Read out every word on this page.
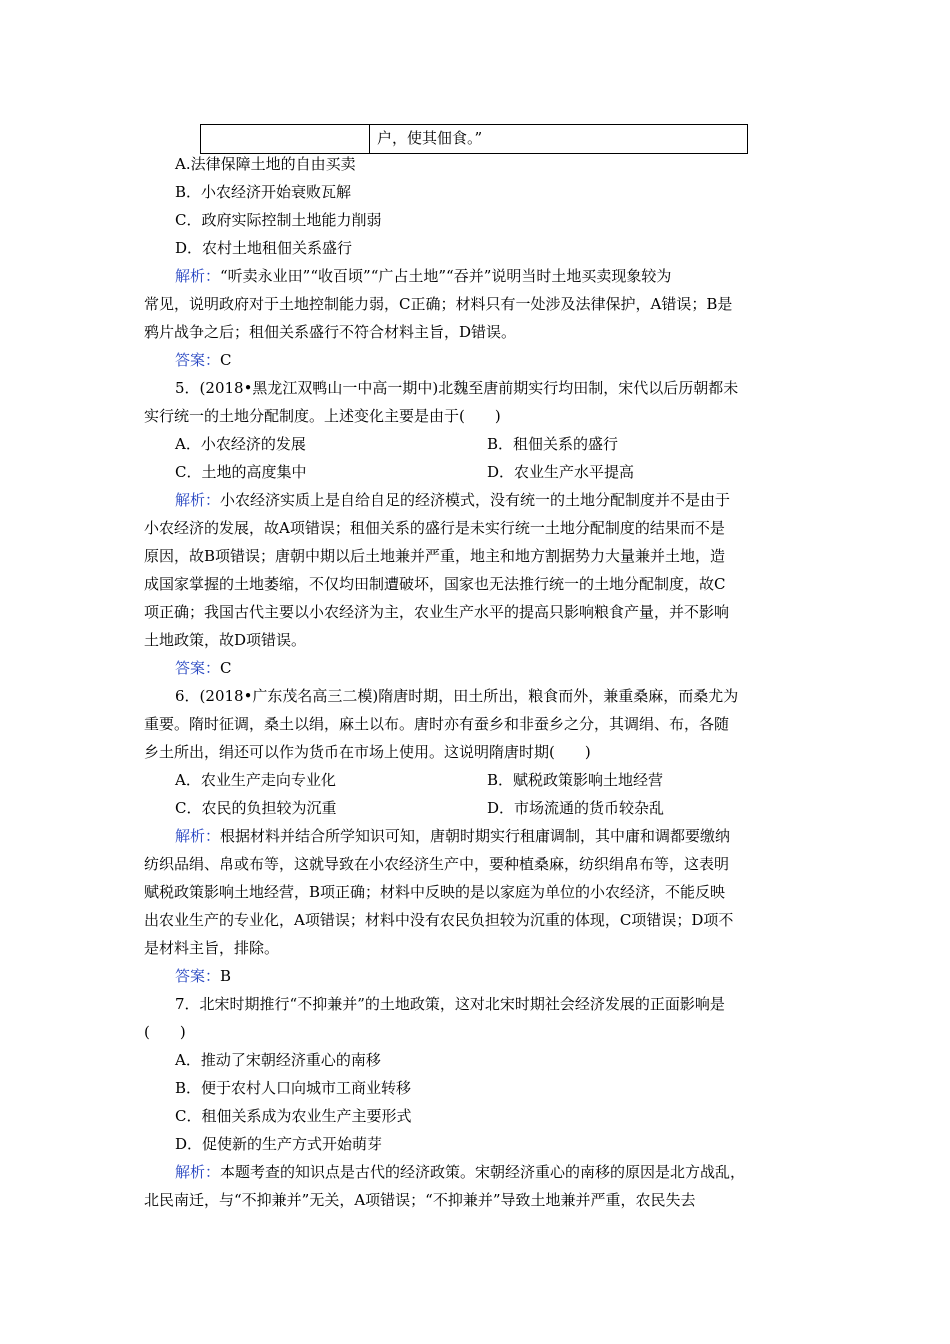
户，使其佃食。”
A.法律保障土地的自由买卖
B．小农经济开始衰败瓦解
C．政府实际控制土地能力削弱
D．农村土地租佃关系盛行
解析：“听卖永业田”“收百顷”“广占土地”“吞并”说明当时土地买卖现象较为
常见，说明政府对于土地控制能力弱，C正确；材料只有一处涉及法律保护，A错误；B是
鸦片战争之后；租佃关系盛行不符合材料主旨，D错误。
答案：C
5．(2018•黑龙江双鸭山一中高一期中)北魏至唐前期实行均田制，宋代以后历朝都未
实行统一的土地分配制度。上述变化主要是由于(　　)
A．小农经济的发展	B．租佃关系的盛行
C．土地的高度集中	D．农业生产水平提高
解析：小农经济实质上是自给自足的经济模式，没有统一的土地分配制度并不是由于
小农经济的发展，故A项错误；租佃关系的盛行是未实行统一土地分配制度的结果而不是
原因，故B项错误；唐朝中期以后土地兼并严重，地主和地方割据势力大量兼并土地，造
成国家掌握的土地萎缩，不仅均田制遭破坏，国家也无法推行统一的土地分配制度，故C
项正确；我国古代主要以小农经济为主，农业生产水平的提高只影响粮食产量，并不影响
土地政策，故D项错误。
答案：C
6．(2018•广东茂名高三二模)隋唐时期，田土所出，粮食而外，兼重桑麻，而桑尤为
重要。隋时征调，桑土以绢，麻土以布。唐时亦有蚕乡和非蚕乡之分，其调绢、布，各随
乡土所出，绢还可以作为货币在市场上使用。这说明隋唐时期(　　)
A．农业生产走向专业化	B．赋税政策影响土地经营
C．农民的负担较为沉重	D．市场流通的货币较杂乱
解析：根据材料并结合所学知识可知，唐朝时期实行租庸调制，其中庸和调都要缴纳
纺织品绢、帛或布等，这就导致在小农经济生产中，要种植桑麻，纺织绢帛布等，这表明
赋税政策影响土地经营，B项正确；材料中反映的是以家庭为单位的小农经济，不能反映
出农业生产的专业化，A项错误；材料中没有农民负担较为沉重的体现，C项错误；D项不
是材料主旨，排除。
答案：B
7．北宋时期推行“不抑兼并”的土地政策，这对北宋时期社会经济发展的正面影响是
(　　)
A．推动了宋朝经济重心的南移
B．便于农村人口向城市工商业转移
C．租佃关系成为农业生产主要形式
D．促使新的生产方式开始萌芽
解析：本题考查的知识点是古代的经济政策。宋朝经济重心的南移的原因是北方战乱，
北民南迁，与“不抑兼并”无关，A项错误；“不抑兼并”导致土地兼并严重，农民失去
